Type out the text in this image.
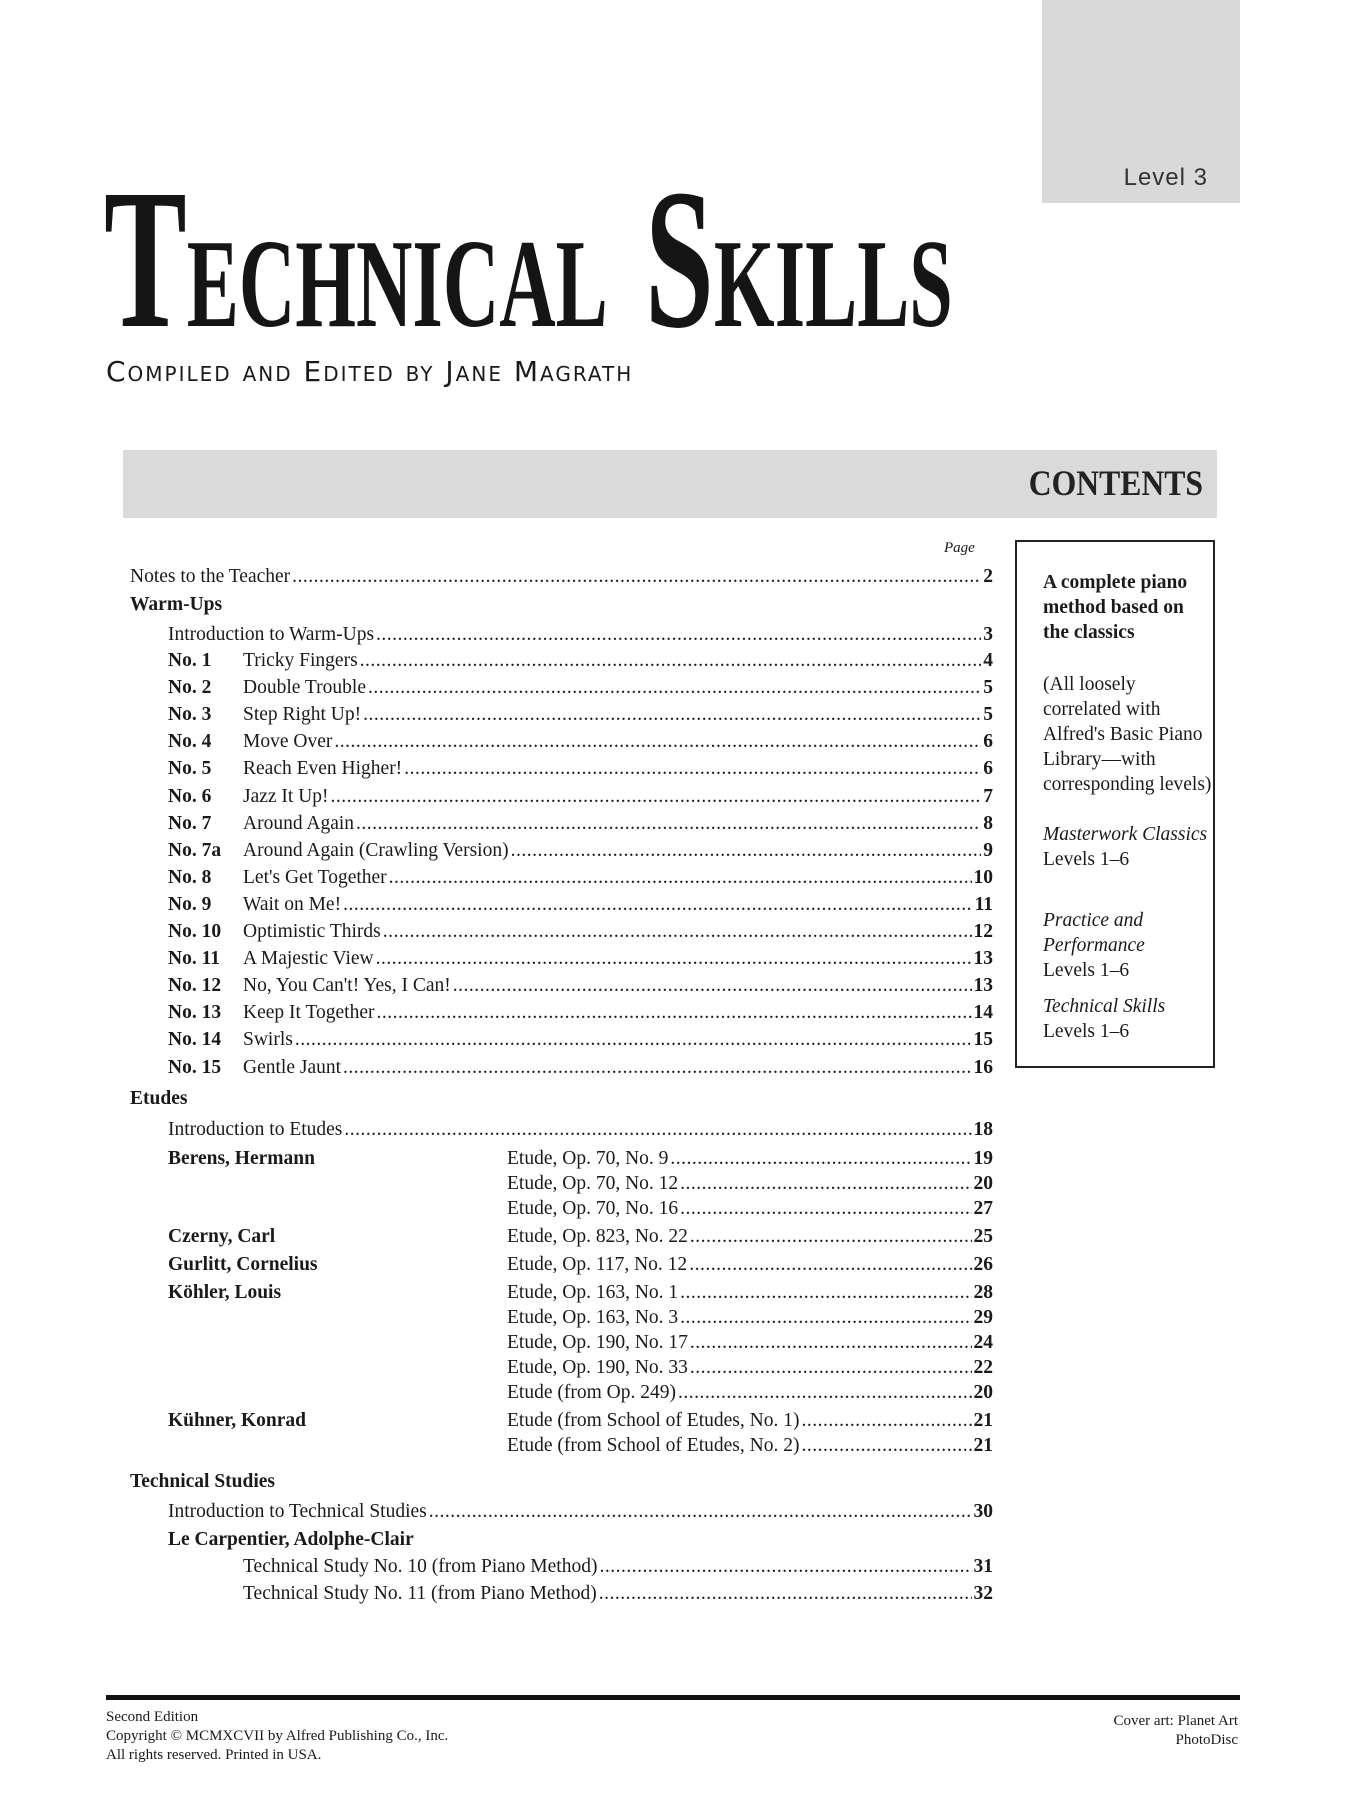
Level 3
TECHNICAL SKILLS
Compiled and Edited by Jane Magrath
CONTENTS
Page
Notes to the Teacher .....	2
Warm-Ups
Introduction to Warm-Ups .....	3
No. 1	Tricky Fingers .....	4
No. 2	Double Trouble .....	5
No. 3	Step Right Up! .....	5
No. 4	Move Over .....	6
No. 5	Reach Even Higher! .....	6
No. 6	Jazz It Up! .....	7
No. 7	Around Again .....	8
No. 7a	Around Again (Crawling Version) .....	9
No. 8	Let's Get Together .....	10
No. 9	Wait on Me! .....	11
No. 10	Optimistic Thirds .....	12
No. 11	A Majestic View .....	13
No. 12	No, You Can't! Yes, I Can! .....	13
No. 13	Keep It Together .....	14
No. 14	Swirls .....	15
No. 15	Gentle Jaunt .....	16
Etudes
Introduction to Etudes .....	18
Berens, Hermann	Etude, Op. 70, No. 9 .....	19
Etude, Op. 70, No. 12 .....	20
Etude, Op. 70, No. 16 .....	27
Czerny, Carl	Etude, Op. 823, No. 22 .....	25
Gurlitt, Cornelius	Etude, Op. 117, No. 12 .....	26
Köhler, Louis	Etude, Op. 163, No. 1 .....	28
Etude, Op. 163, No. 3 .....	29
Etude, Op. 190, No. 17 .....	24
Etude, Op. 190, No. 33 .....	22
Etude (from Op. 249) .....	20
Kühner, Konrad	Etude (from School of Etudes, No. 1) .....	21
Etude (from School of Etudes, No. 2) .....	21
Technical Studies
Introduction to Technical Studies .....	30
Le Carpentier, Adolphe-Clair
Technical Study No. 10 (from Piano Method) .....	31
Technical Study No. 11 (from Piano Method) .....	32

A complete piano method based on the classics

(All loosely correlated with Alfred's Basic Piano Library—with corresponding levels)

Masterwork Classics
Levels 1–6

Practice and Performance
Levels 1–6

Technical Skills
Levels 1–6

Second Edition
Copyright © MCMXCVII by Alfred Publishing Co., Inc.
All rights reserved. Printed in USA.
Cover art: Planet Art
PhotoDisc
